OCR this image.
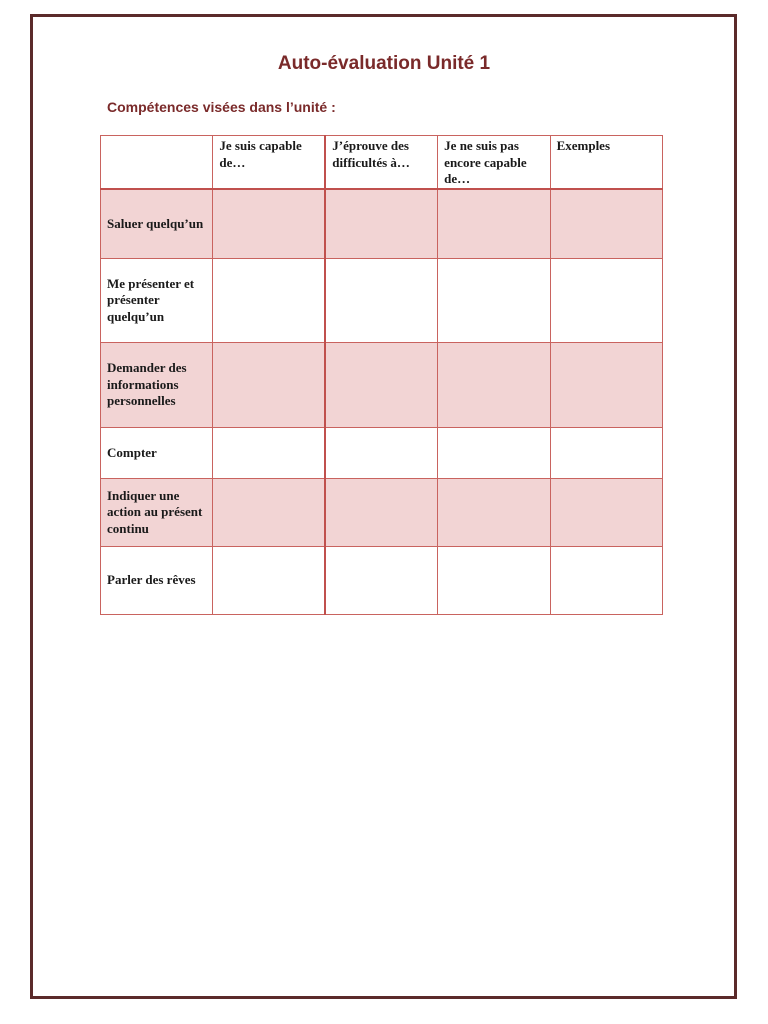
Auto-évaluation Unité 1
Compétences visées dans l’unité :
	Je suis capable de…	J’éprouve des difficultés à…	Je ne suis pas encore capable de…	Exemples
Saluer quelqu’un				
Me présenter et présenter quelqu’un				
Demander des informations personnelles				
Compter				
Indiquer une action au présent continu				
Parler des rêves				
